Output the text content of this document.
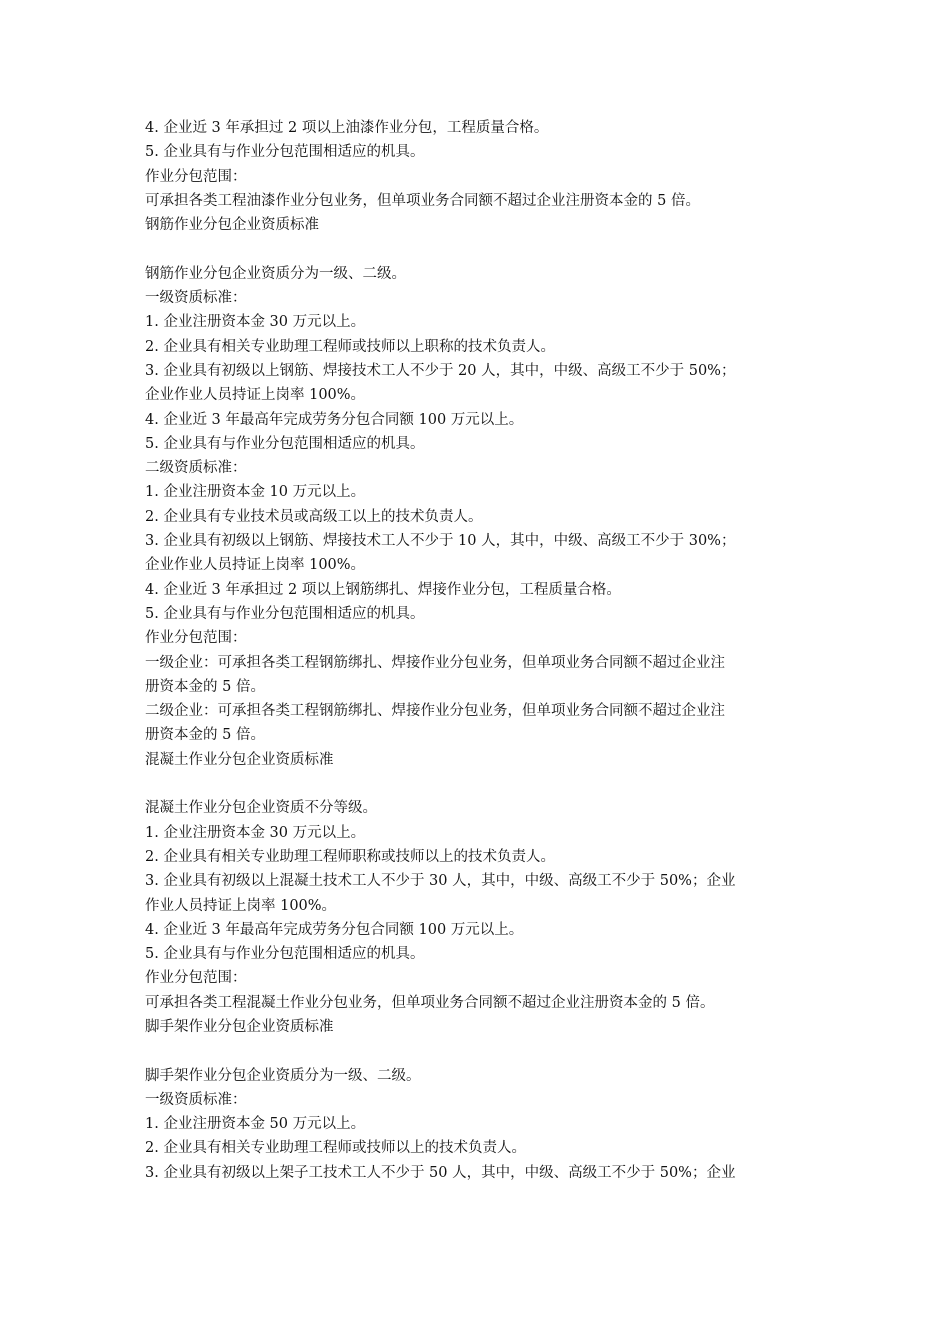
4. 企业近 3 年承担过 2 项以上油漆作业分包，工程质量合格。
5. 企业具有与作业分包范围相适应的机具。
作业分包范围：
可承担各类工程油漆作业分包业务，但单项业务合同额不超过企业注册资本金的 5 倍。
钢筋作业分包企业资质标准
钢筋作业分包企业资质分为一级、二级。
一级资质标准：
1. 企业注册资本金 30 万元以上。
2. 企业具有相关专业助理工程师或技师以上职称的技术负责人。
3. 企业具有初级以上钢筋、焊接技术工人不少于 20 人，其中，中级、高级工不少于 50%；
企业作业人员持证上岗率 100%。
4. 企业近 3 年最高年完成劳务分包合同额 100 万元以上。
5. 企业具有与作业分包范围相适应的机具。
二级资质标准：
1. 企业注册资本金 10 万元以上。
2. 企业具有专业技术员或高级工以上的技术负责人。
3. 企业具有初级以上钢筋、焊接技术工人不少于 10 人，其中，中级、高级工不少于 30%；
企业作业人员持证上岗率 100%。
4. 企业近 3 年承担过 2 项以上钢筋绑扎、焊接作业分包，工程质量合格。
5. 企业具有与作业分包范围相适应的机具。
作业分包范围：
一级企业：可承担各类工程钢筋绑扎、焊接作业分包业务，但单项业务合同额不超过企业注
册资本金的 5 倍。
二级企业：可承担各类工程钢筋绑扎、焊接作业分包业务，但单项业务合同额不超过企业注
册资本金的 5 倍。
混凝土作业分包企业资质标准
混凝土作业分包企业资质不分等级。
1. 企业注册资本金 30 万元以上。
2. 企业具有相关专业助理工程师职称或技师以上的技术负责人。
3. 企业具有初级以上混凝土技术工人不少于 30 人，其中，中级、高级工不少于 50%；企业
作业人员持证上岗率 100%。
4. 企业近 3 年最高年完成劳务分包合同额 100 万元以上。
5. 企业具有与作业分包范围相适应的机具。
作业分包范围：
可承担各类工程混凝土作业分包业务，但单项业务合同额不超过企业注册资本金的 5 倍。
脚手架作业分包企业资质标准
脚手架作业分包企业资质分为一级、二级。
一级资质标准：
1. 企业注册资本金 50 万元以上。
2. 企业具有相关专业助理工程师或技师以上的技术负责人。
3. 企业具有初级以上架子工技术工人不少于 50 人，其中，中级、高级工不少于 50%；企业
